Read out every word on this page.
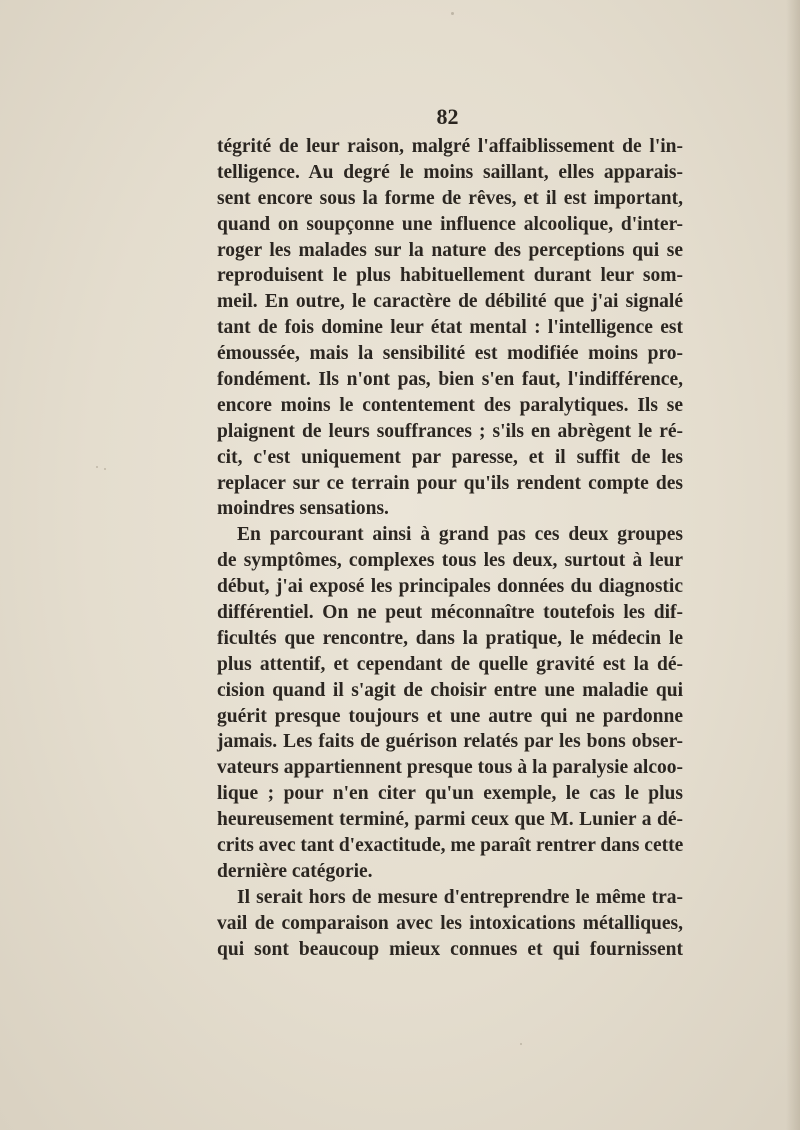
82
tégrité de leur raison, malgré l'affaiblissement de l'in-
telligence. Au degré le moins saillant, elles apparais-
sent encore sous la forme de rêves, et il est important,
quand on soupçonne une influence alcoolique, d'inter-
roger les malades sur la nature des perceptions qui se
reproduisent le plus habituellement durant leur som-
meil. En outre, le caractère de débilité que j'ai signalé
tant de fois domine leur état mental : l'intelligence est
émoussée, mais la sensibilité est modifiée moins pro-
fondément. Ils n'ont pas, bien s'en faut, l'indifférence,
encore moins le contentement des paralytiques. Ils se
plaignent de leurs souffrances ; s'ils en abrègent le ré-
cit, c'est uniquement par paresse, et il suffit de les
replacer sur ce terrain pour qu'ils rendent compte des
moindres sensations.
En parcourant ainsi à grand pas ces deux groupes
de symptômes, complexes tous les deux, surtout à leur
début, j'ai exposé les principales données du diagnostic
différentiel. On ne peut méconnaître toutefois les dif-
ficultés que rencontre, dans la pratique, le médecin le
plus attentif, et cependant de quelle gravité est la dé-
cision quand il s'agit de choisir entre une maladie qui
guérit presque toujours et une autre qui ne pardonne
jamais. Les faits de guérison relatés par les bons obser-
vateurs appartiennent presque tous à la paralysie alcoo-
lique ; pour n'en citer qu'un exemple, le cas le plus
heureusement terminé, parmi ceux que M. Lunier a dé-
crits avec tant d'exactitude, me paraît rentrer dans cette
dernière catégorie.
Il serait hors de mesure d'entreprendre le même tra-
vail de comparaison avec les intoxications métalliques,
qui sont beaucoup mieux connues et qui fournissent
